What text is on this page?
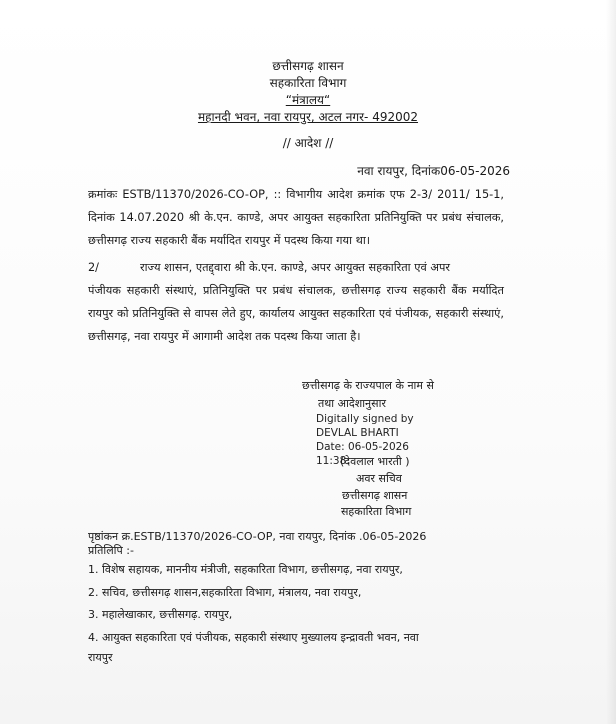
छत्तीसगढ़ शासन
सहकारिता विभाग
“मंत्रालय“
महानदी भवन, नवा रायपुर, अटल नगर- 492002
// आदेश //
नवा रायपुर, दिनांक06-05-2026
क्रमांकः ESTB/11370/2026-CO-OP, :: विभागीय आदेश क्रमांक एफ 2-3/ 2011/ 15-1, दिनांक 14.07.2020 श्री के.एन. काण्डे, अपर आयुक्त सहकारिता प्रतिनियुक्ति पर प्रबंध संचालक, छत्तीसगढ़ राज्य सहकारी बैंक मर्यादित रायपुर में पदस्थ किया गया था।
2/	राज्य शासन, एतद्द्वारा श्री के.एन. काण्डे, अपर आयुक्त सहकारिता एवं अपर
पंजीयक सहकारी संस्थाएं, प्रतिनियुक्ति पर प्रबंध संचालक, छत्तीसगढ़ राज्य सहकारी बैंक मर्यादित रायपुर को प्रतिनियुक्ति से वापस लेते हुए, कार्यालय आयुक्त सहकारिता एवं पंजीयक, सहकारी संस्थाएं, छत्तीसगढ़, नवा रायपुर में आगामी आदेश तक पदस्थ किया जाता है।
छत्तीसगढ़ के राज्यपाल के नाम से
तथा आदेशानुसार
Digitally signed by
DEVLAL BHARTI
Date: 06-05-2026
11:38:
(देवलाल भारती )
अवर सचिव
छत्तीसगढ़ शासन
सहकारिता विभाग
पृष्ठांकन क्र.ESTB/11370/2026-CO-OP, नवा रायपुर, दिनांक .06-05-2026
प्रतिलिपि :-
1. विशेष सहायक, माननीय मंत्रीजी, सहकारिता विभाग, छत्तीसगढ़, नवा रायपुर,
2. सचिव, छत्तीसगढ़ शासन,सहकारिता विभाग, मंत्रालय, नवा रायपुर,
3. महालेखाकार, छत्तीसगढ़. रायपुर,
4. आयुक्त सहकारिता एवं पंजीयक, सहकारी संस्थाए मुख्यालय इन्द्रावती भवन, नवा
रायपुर
